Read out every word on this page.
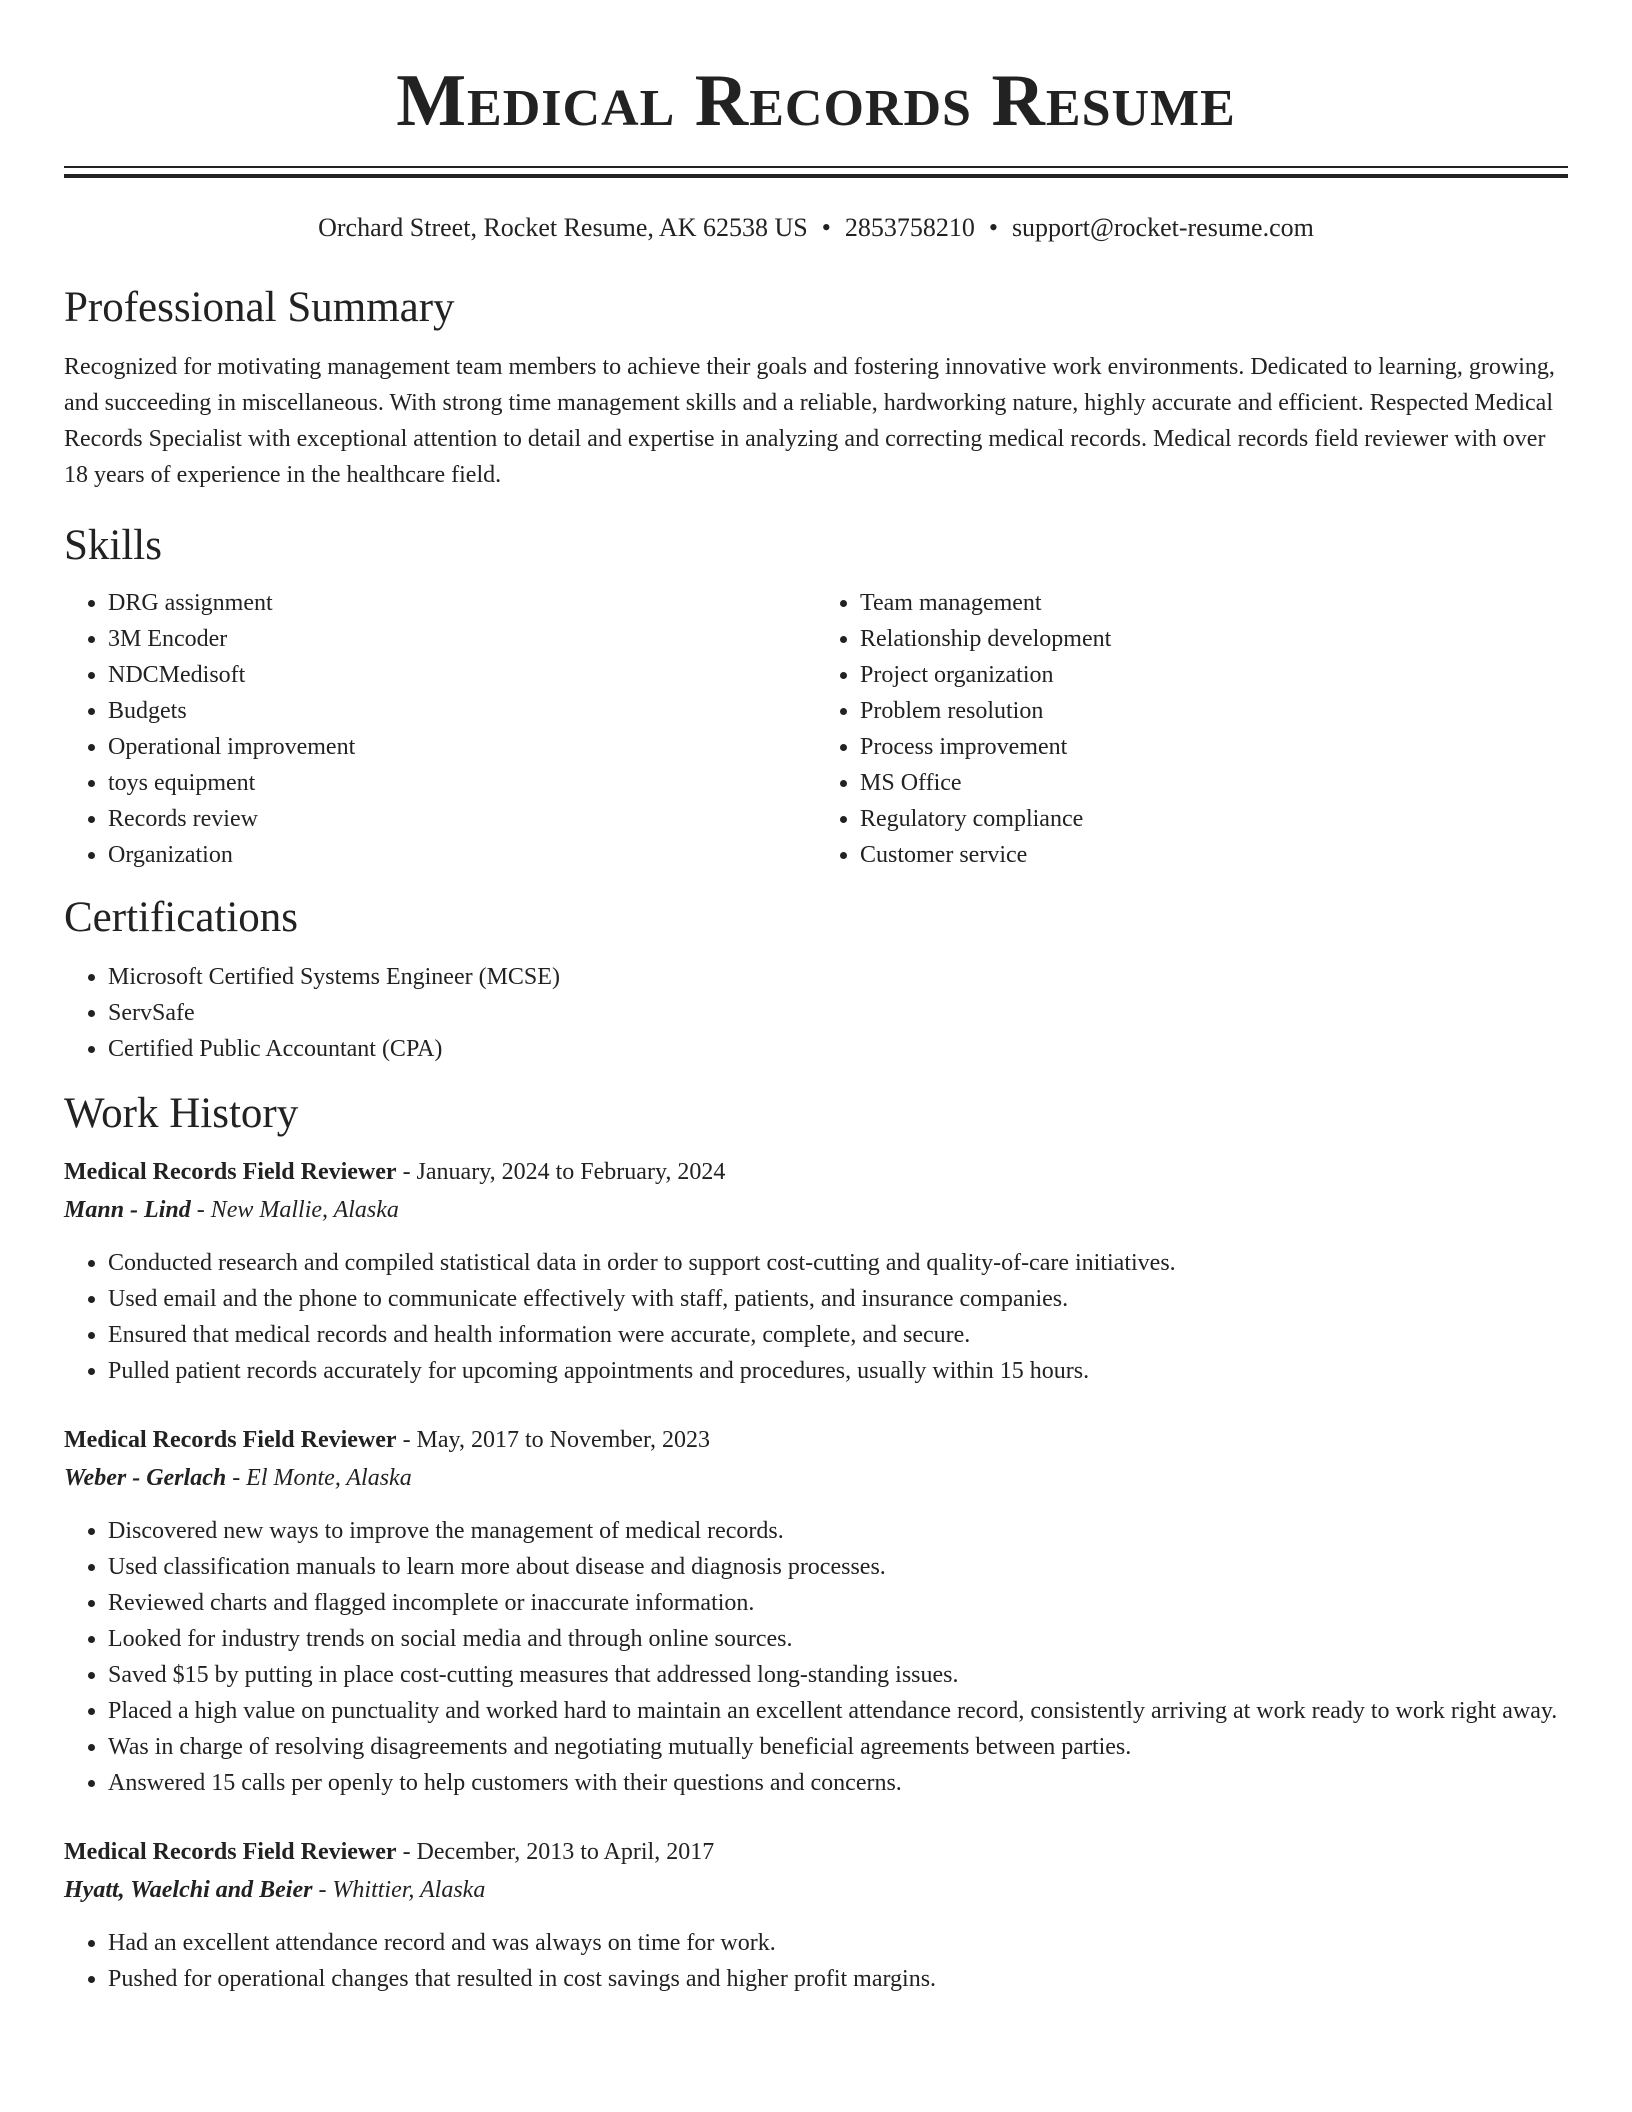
Medical Records Resume
Orchard Street, Rocket Resume, AK 62538 US • 2853758210 • support@rocket-resume.com
Professional Summary

Recognized for motivating management team members to achieve their goals and fostering innovative work environments. Dedicated to learning, growing, and succeeding in miscellaneous. With strong time management skills and a reliable, hardworking nature, highly accurate and efficient. Respected Medical Records Specialist with exceptional attention to detail and expertise in analyzing and correcting medical records. Medical records field reviewer with over 18 years of experience in the healthcare field.

Skills
• DRG assignment
• 3M Encoder
• NDCMedisoft
• Budgets
• Operational improvement
• toys equipment
• Records review
• Organization
• Team management
• Relationship development
• Project organization
• Problem resolution
• Process improvement
• MS Office
• Regulatory compliance
• Customer service
Certifications
• Microsoft Certified Systems Engineer (MCSE)
• ServSafe
• Certified Public Accountant (CPA)
Work History
Medical Records Field Reviewer - January, 2024 to February, 2024
Mann - Lind - New Mallie, Alaska
• Conducted research and compiled statistical data in order to support cost-cutting and quality-of-care initiatives.
• Used email and the phone to communicate effectively with staff, patients, and insurance companies.
• Ensured that medical records and health information were accurate, complete, and secure.
• Pulled patient records accurately for upcoming appointments and procedures, usually within 15 hours.
Medical Records Field Reviewer - May, 2017 to November, 2023
Weber - Gerlach - El Monte, Alaska
• Discovered new ways to improve the management of medical records.
• Used classification manuals to learn more about disease and diagnosis processes.
• Reviewed charts and flagged incomplete or inaccurate information.
• Looked for industry trends on social media and through online sources.
• Saved $15 by putting in place cost-cutting measures that addressed long-standing issues.
• Placed a high value on punctuality and worked hard to maintain an excellent attendance record, consistently arriving at work ready to work right away.
• Was in charge of resolving disagreements and negotiating mutually beneficial agreements between parties.
• Answered 15 calls per openly to help customers with their questions and concerns.
Medical Records Field Reviewer - December, 2013 to April, 2017
Hyatt, Waelchi and Beier - Whittier, Alaska
• Had an excellent attendance record and was always on time for work.
• Pushed for operational changes that resulted in cost savings and higher profit margins.
